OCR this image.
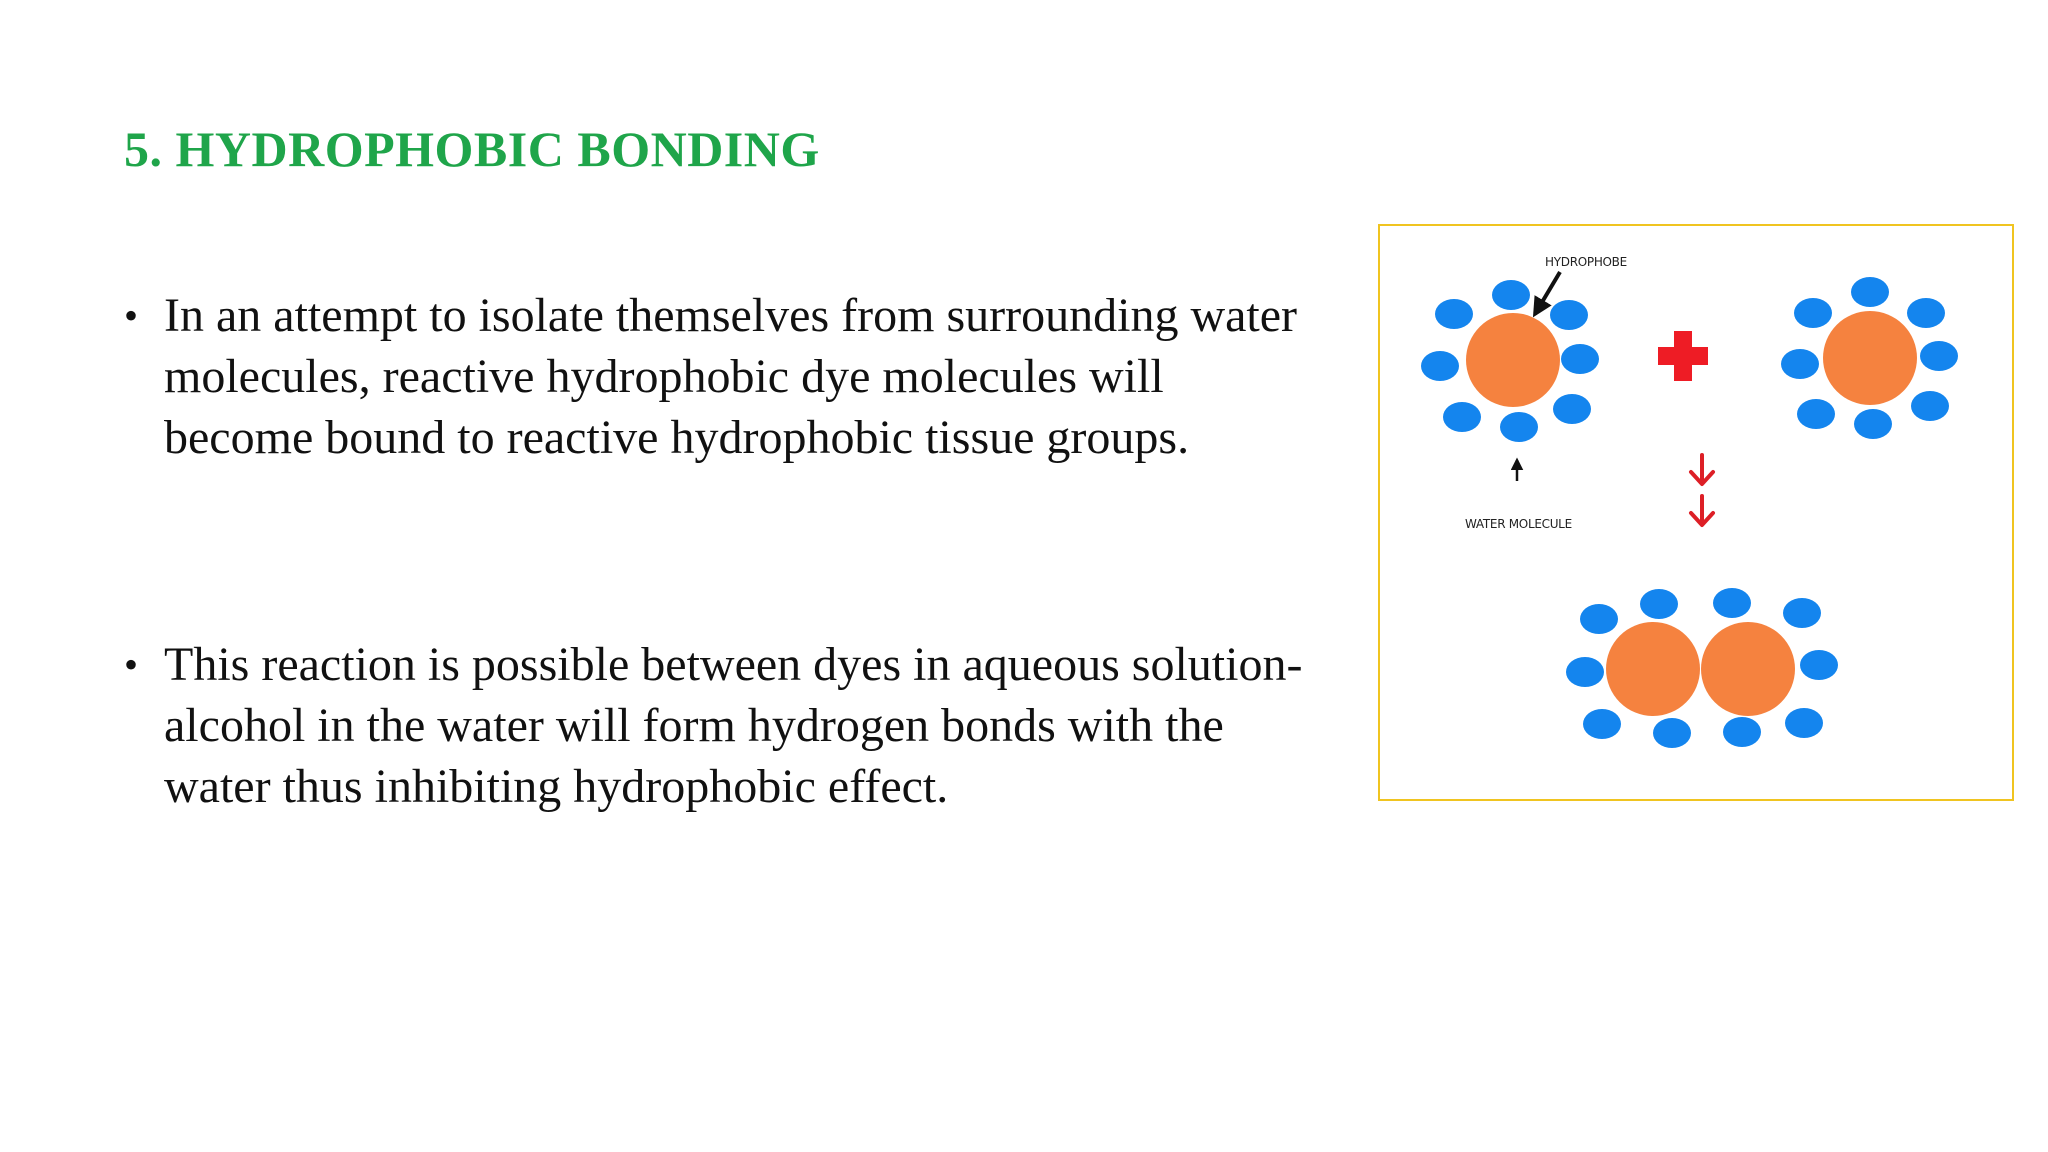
5. HYDROPHOBIC BONDING
• In an attempt to isolate themselves from surrounding water
molecules, reactive hydrophobic dye molecules will
become bound to reactive hydrophobic tissue groups.
• This reaction is possible between dyes in aqueous solution-
alcohol in the water will form hydrogen bonds with the
water thus inhibiting hydrophobic effect.
HYDROPHOBE
WATER MOLECULE
